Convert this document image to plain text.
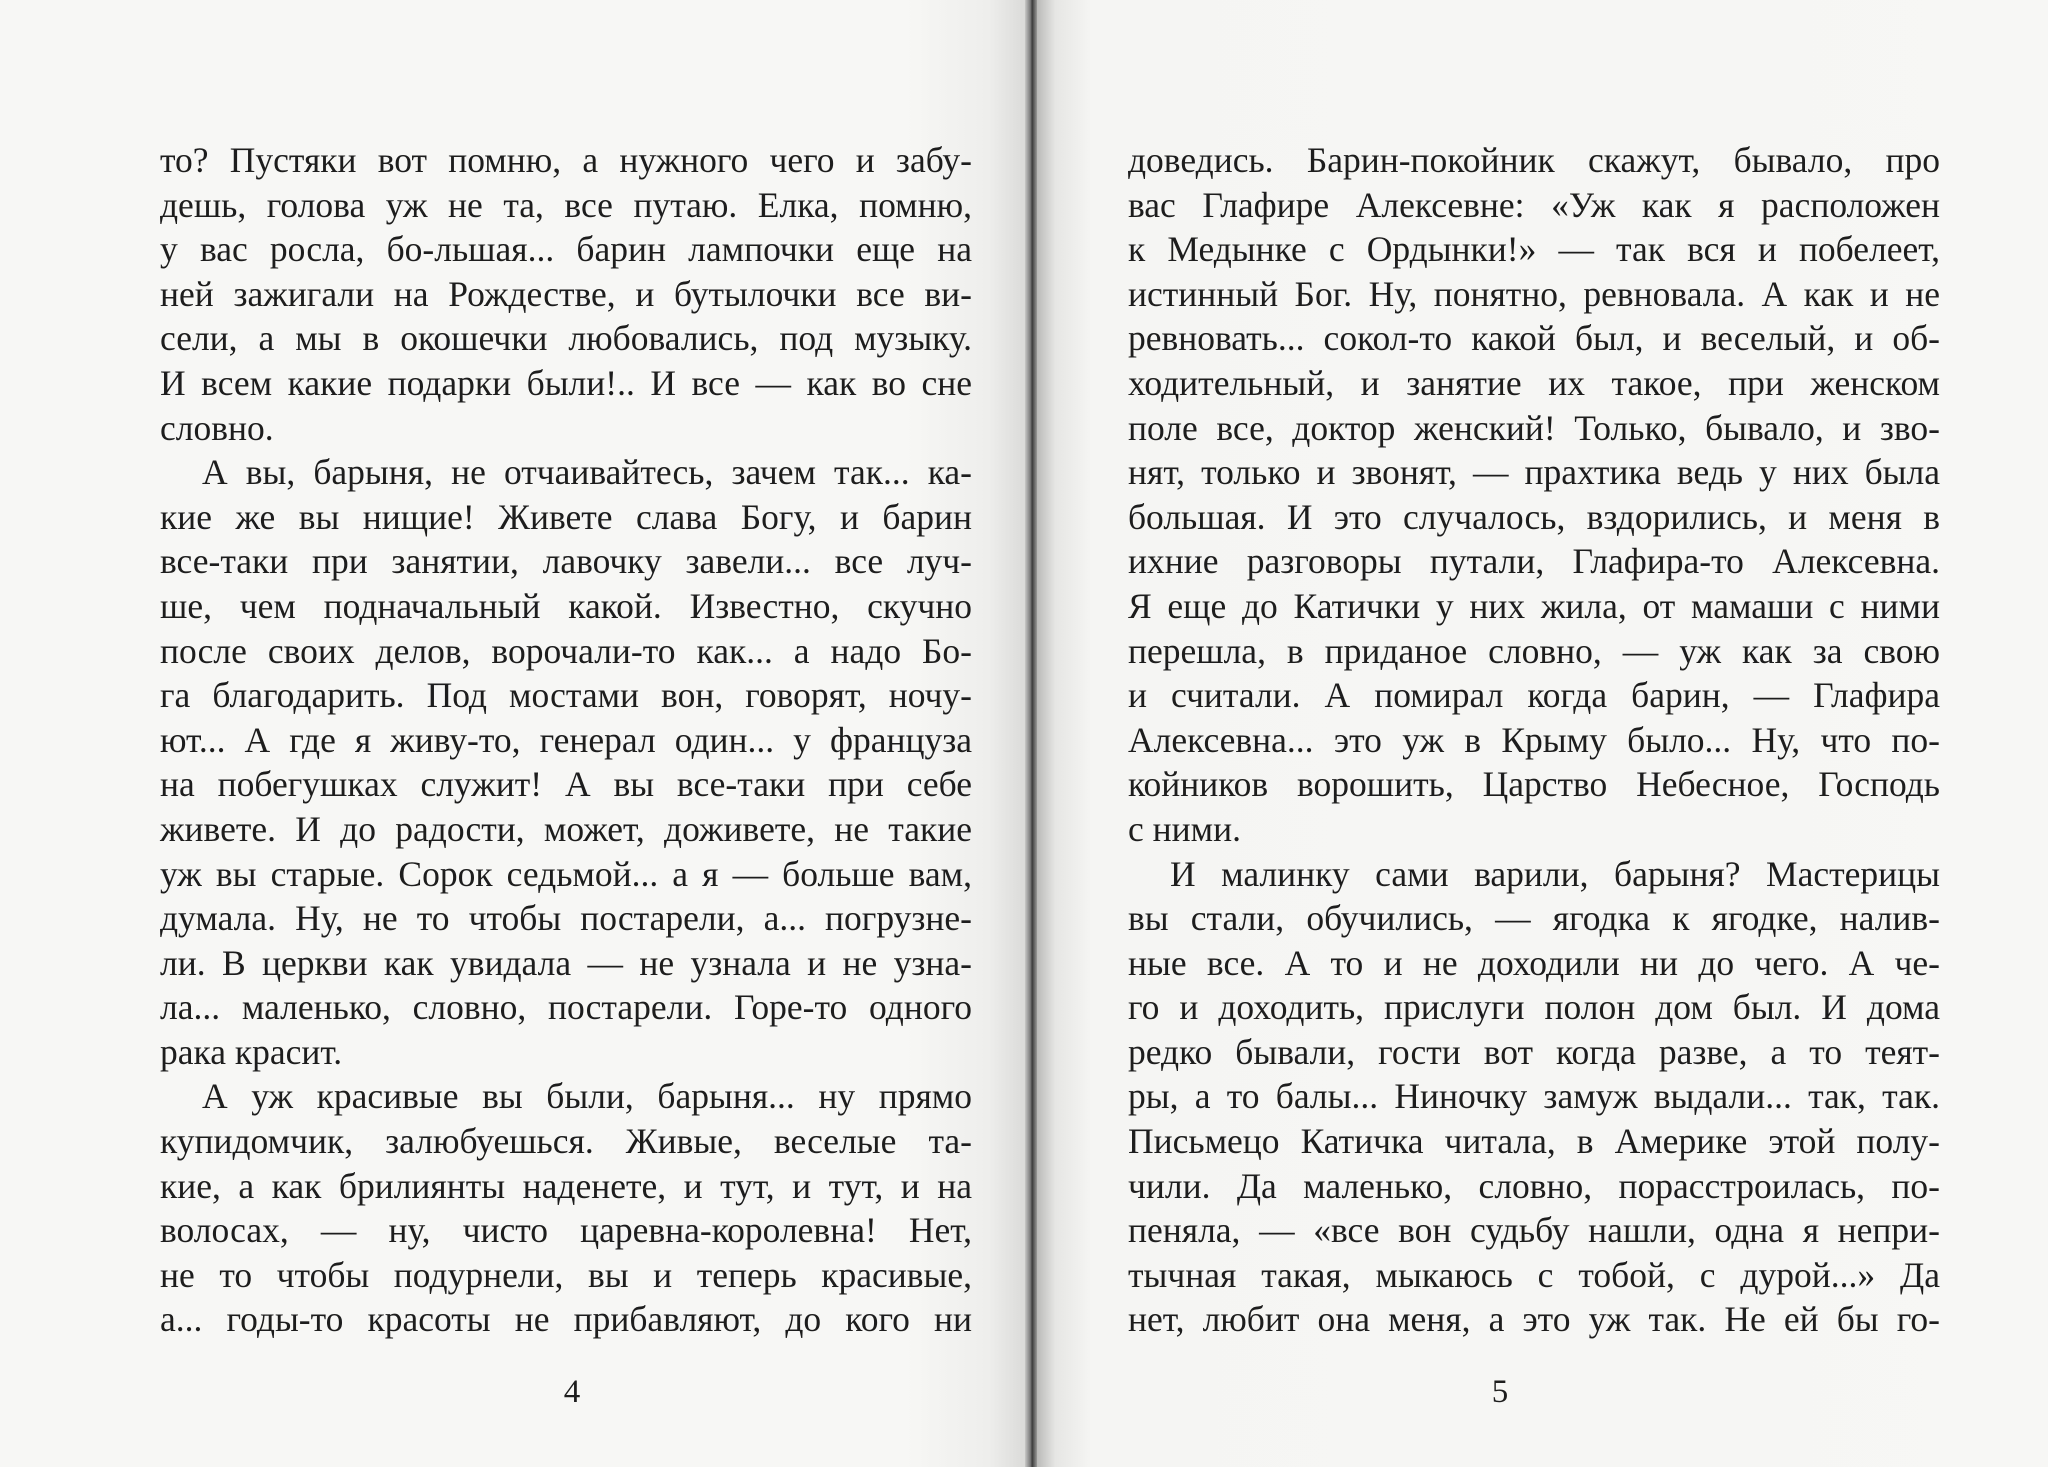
то? Пустяки вот помню, а нужного чего и забу-
дешь, голова уж не та, все путаю. Елка, помню,
у вас росла, бо-льшая... барин лампочки еще на
ней зажигали на Рождестве, и бутылочки все ви-
сели, а мы в окошечки любовались, под музыку.
И всем какие подарки были!.. И все — как во сне
словно.
А вы, барыня, не отчаивайтесь, зачем так... ка-
кие же вы нищие! Живете слава Богу, и барин
все-таки при занятии, лавочку завели... все луч-
ше, чем подначальный какой. Известно, скучно
после своих делов, ворочали-то как... а надо Бо-
га благодарить. Под мостами вон, говорят, ночу-
ют... А где я живу-то, генерал один... у француза
на побегушках служит! А вы все-таки при себе
живете. И до радости, может, доживете, не такие
уж вы старые. Сорок седьмой... а я — больше вам,
думала. Ну, не то чтобы постарели, а... погрузне-
ли. В церкви как увидала — не узнала и не узна-
ла... маленько, словно, постарели. Горе-то одного
рака красит.
А уж красивые вы были, барыня... ну прямо
купидомчик, залюбуешься. Живые, веселые та-
кие, а как брилиянты наденете, и тут, и тут, и на
волосах, — ну, чисто царевна-королевна! Нет,
не то чтобы подурнели, вы и теперь красивые,
а... годы-то красоты не прибавляют, до кого ни
4
доведись. Барин-покойник скажут, бывало, про
вас Глафире Алексевне: «Уж как я расположен
к Медынке с Ордынки!» — так вся и побелеет,
истинный Бог. Ну, понятно, ревновала. А как и не
ревновать... сокол-то какой был, и веселый, и об-
ходительный, и занятие их такое, при женском
поле все, доктор женский! Только, бывало, и зво-
нят, только и звонят, — прахтика ведь у них была
большая. И это случалось, вздорились, и меня в
ихние разговоры путали, Глафира-то Алексевна.
Я еще до Катички у них жила, от мамаши с ними
перешла, в приданое словно, — уж как за свою
и считали. А помирал когда барин, — Глафира
Алексевна... это уж в Крыму было... Ну, что по-
койников ворошить, Царство Небесное, Господь
с ними.
И малинку сами варили, барыня? Мастерицы
вы стали, обучились, — ягодка к ягодке, налив-
ные все. А то и не доходили ни до чего. А че-
го и доходить, прислуги полон дом был. И дома
редко бывали, гости вот когда разве, а то теят-
ры, а то балы... Ниночку замуж выдали... так, так.
Письмецо Катичка читала, в Америке этой полу-
чили. Да маленько, словно, порасстроилась, по-
пеняла, — «все вон судьбу нашли, одна я непри-
тычная такая, мыкаюсь с тобой, с дурой...» Да
нет, любит она меня, а это уж так. Не ей бы го-
5
